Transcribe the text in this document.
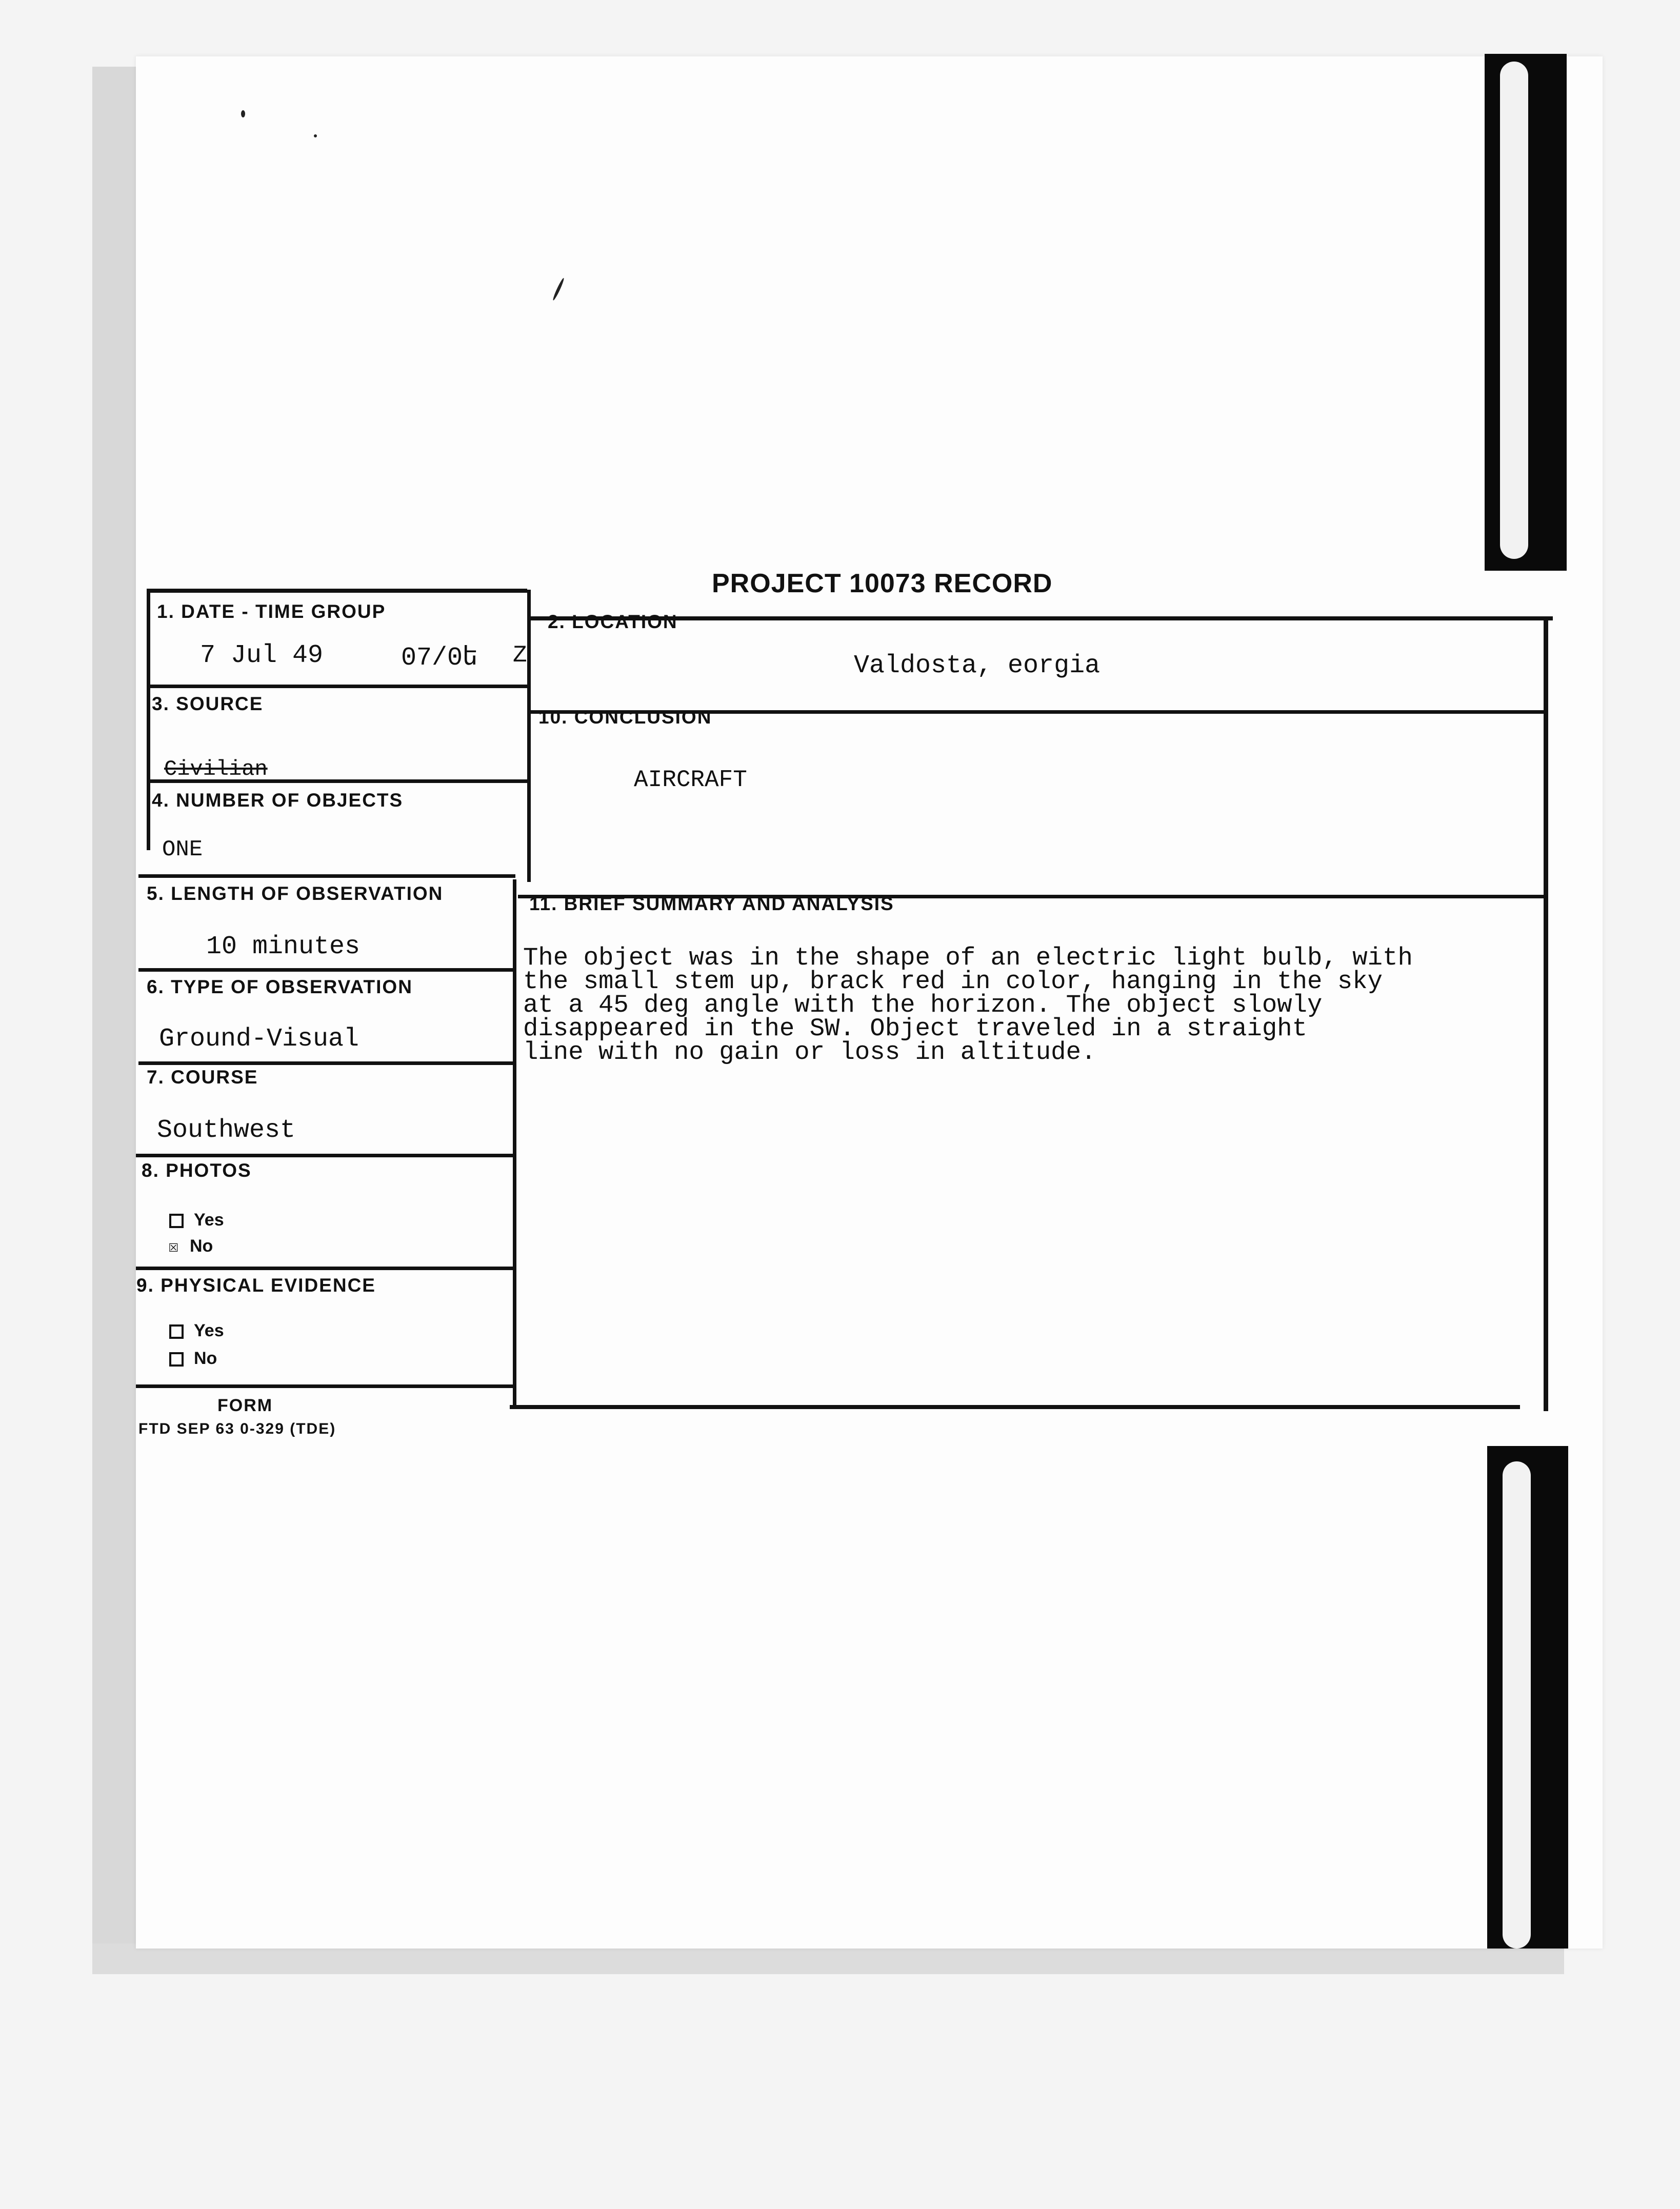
PROJECT 10073 RECORD
1. DATE - TIME GROUP
7 Jul 49	07/0ե Z
2. LOCATION
Valdosta, eorgia
3. SOURCE
Civilian
10. CONCLUSION
AIRCRAFT
4. NUMBER OF OBJECTS
ONE
5. LENGTH OF OBSERVATION
10 minutes
11. BRIEF SUMMARY AND ANALYSIS
The object was in the shape of an electric light bulb, with
the small stem up, brack red in color, hanging in the sky
at a 45 deg angle with the horizon. The object slowly
disappeared in the SW. Object traveled in a straight
line with no gain or loss in altitude.
6. TYPE OF OBSERVATION
Ground-Visual
7. COURSE
Southwest
8. PHOTOS
Yes
☒ No
9. PHYSICAL EVIDENCE
Yes
No
FORM
FTD SEP 63 0-329 (TDE)
